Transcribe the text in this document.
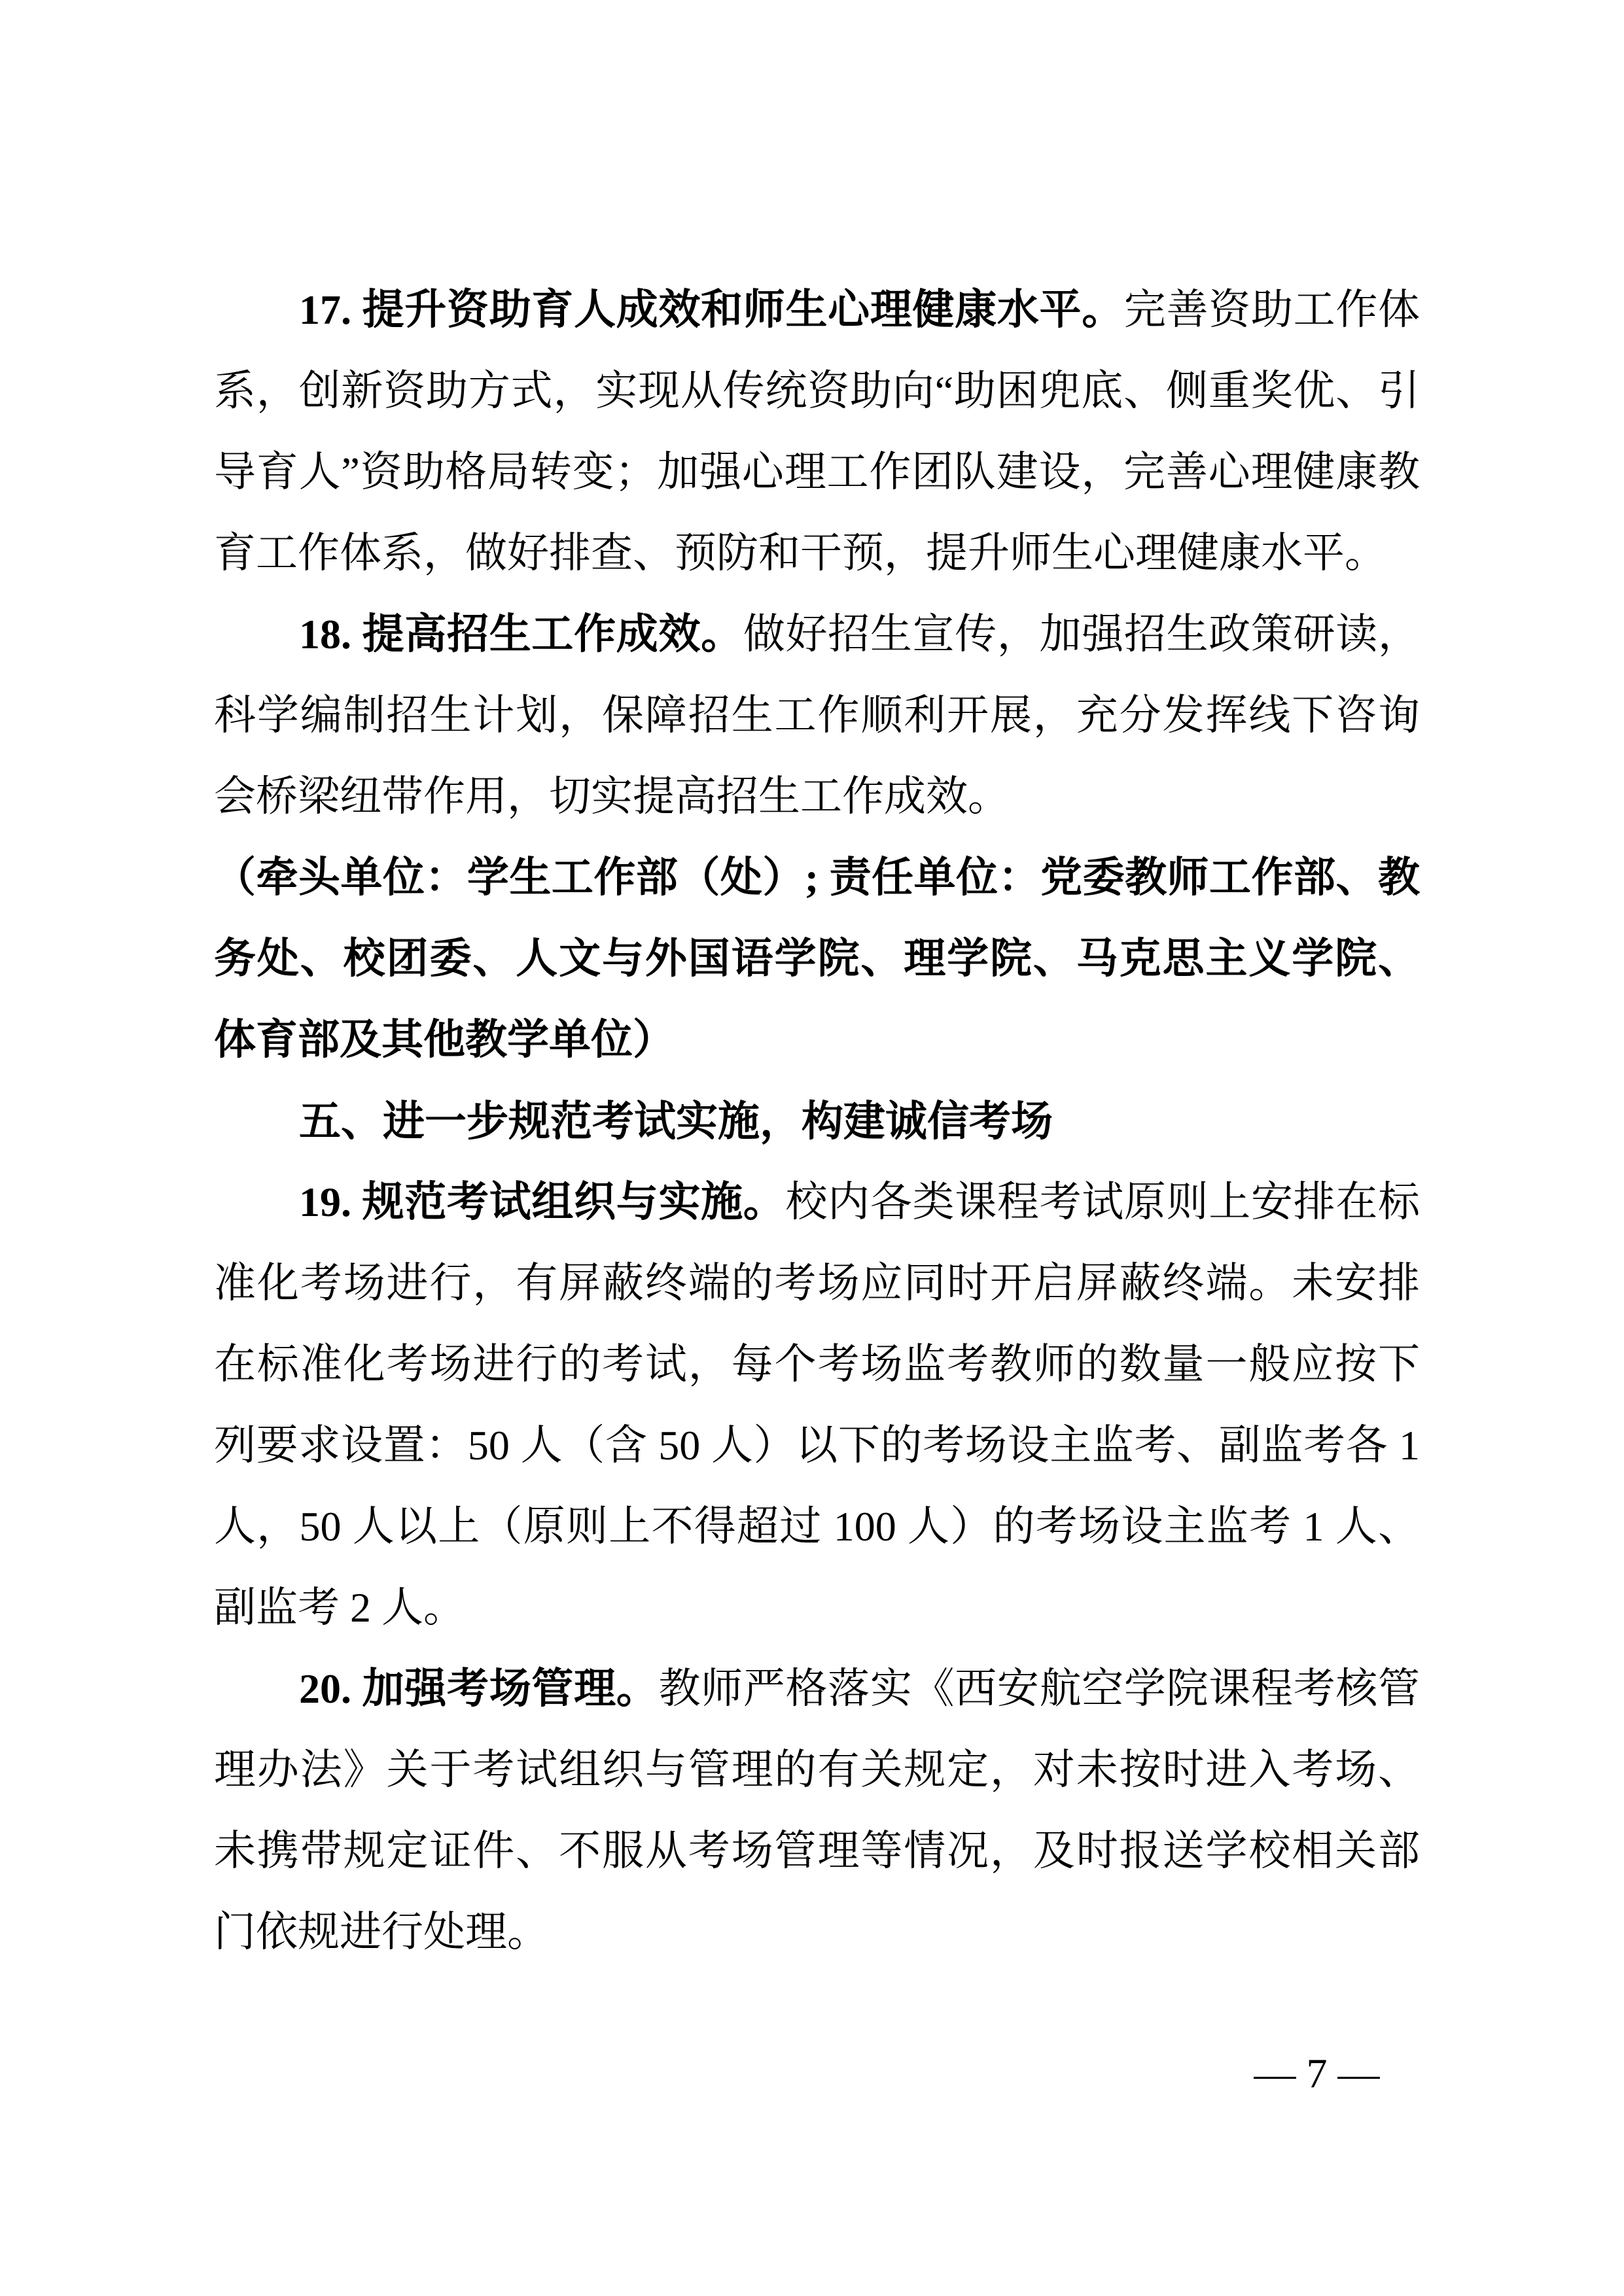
17. 提升资助育人成效和师生心理健康水平。完善资助工作体系，创新资助方式，实现从传统资助向“助困兜底、侧重奖优、引导育人”资助格局转变；加强心理工作团队建设，完善心理健康教育工作体系，做好排查、预防和干预，提升师生心理健康水平。

18. 提高招生工作成效。做好招生宣传，加强招生政策研读，科学编制招生计划，保障招生工作顺利开展，充分发挥线下咨询会桥梁纽带作用，切实提高招生工作成效。

（牵头单位：学生工作部（处）; 责任单位：党委教师工作部、教务处、校团委、人文与外国语学院、理学院、马克思主义学院、体育部及其他教学单位）

五、进一步规范考试实施，构建诚信考场

19. 规范考试组织与实施。校内各类课程考试原则上安排在标准化考场进行，有屏蔽终端的考场应同时开启屏蔽终端。未安排在标准化考场进行的考试，每个考场监考教师的数量一般应按下列要求设置：50 人（含 50 人）以下的考场设主监考、副监考各 1 人，50 人以上（原则上不得超过 100 人）的考场设主监考 1 人、副监考 2 人。

20. 加强考场管理。教师严格落实《西安航空学院课程考核管理办法》关于考试组织与管理的有关规定，对未按时进入考场、未携带规定证件、不服从考场管理等情况，及时报送学校相关部门依规进行处理。

— 7 —
